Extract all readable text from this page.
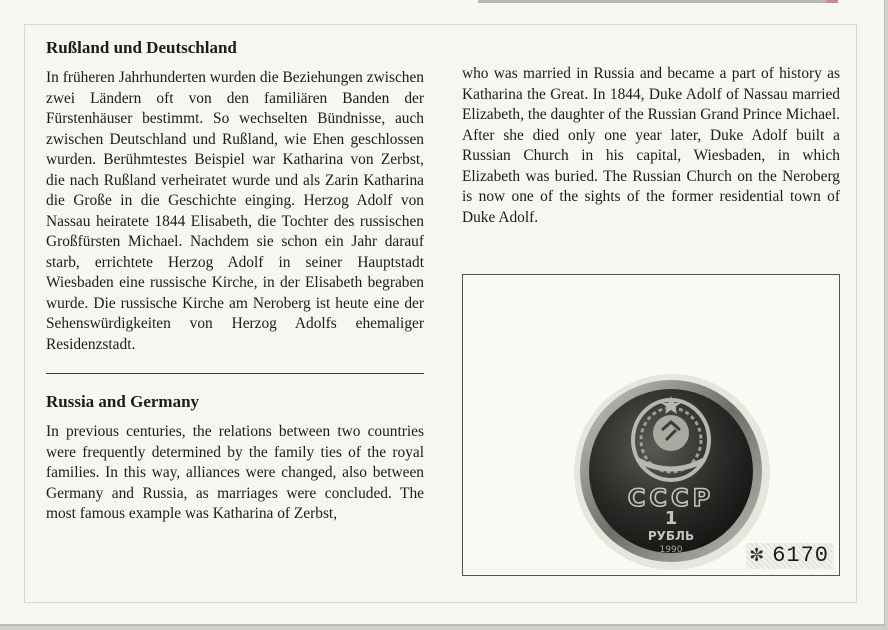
Rußland und Deutschland

In früheren Jahrhunderten wurden die Beziehungen zwischen zwei Ländern oft von den familiären Banden der Fürstenhäuser bestimmt. So wechselten Bündnisse, auch zwischen Deutschland und Rußland, wie Ehen geschlossen wurden. Berühmtestes Beispiel war Katharina von Zerbst, die nach Rußland verheiratet wurde und als Zarin Katharina die Große in die Geschichte einging. Herzog Adolf von Nassau heiratete 1844 Elisabeth, die Tochter des russischen Großfürsten Michael. Nachdem sie schon ein Jahr darauf starb, errichtete Herzog Adolf in seiner Hauptstadt Wiesbaden eine russische Kirche, in der Elisabeth begraben wurde. Die russische Kirche am Neroberg ist heute eine der Sehenswürdigkeiten von Herzog Adolfs ehemaliger Residenzstadt.

Russia and Germany

In previous centuries, the relations between two countries were frequently determined by the family ties of the royal families. In this way, alliances were changed, also between Germany and Russia, as marriages were concluded. The most famous example was Katharina of Zerbst,

who was married in Russia and became a part of history as Katharina the Great. In 1844, Duke Adolf of Nassau married Elizabeth, the daughter of the Russian Grand Prince Michael. After she died only one year later, Duke Adolf built a Russian Church in his capital, Wiesbaden, in which Elizabeth was buried. The Russian Church on the Neroberg is now one of the sights of the former residential town of Duke Adolf.

СССР
1
РУБЛЬ
1990	✼ 6170
